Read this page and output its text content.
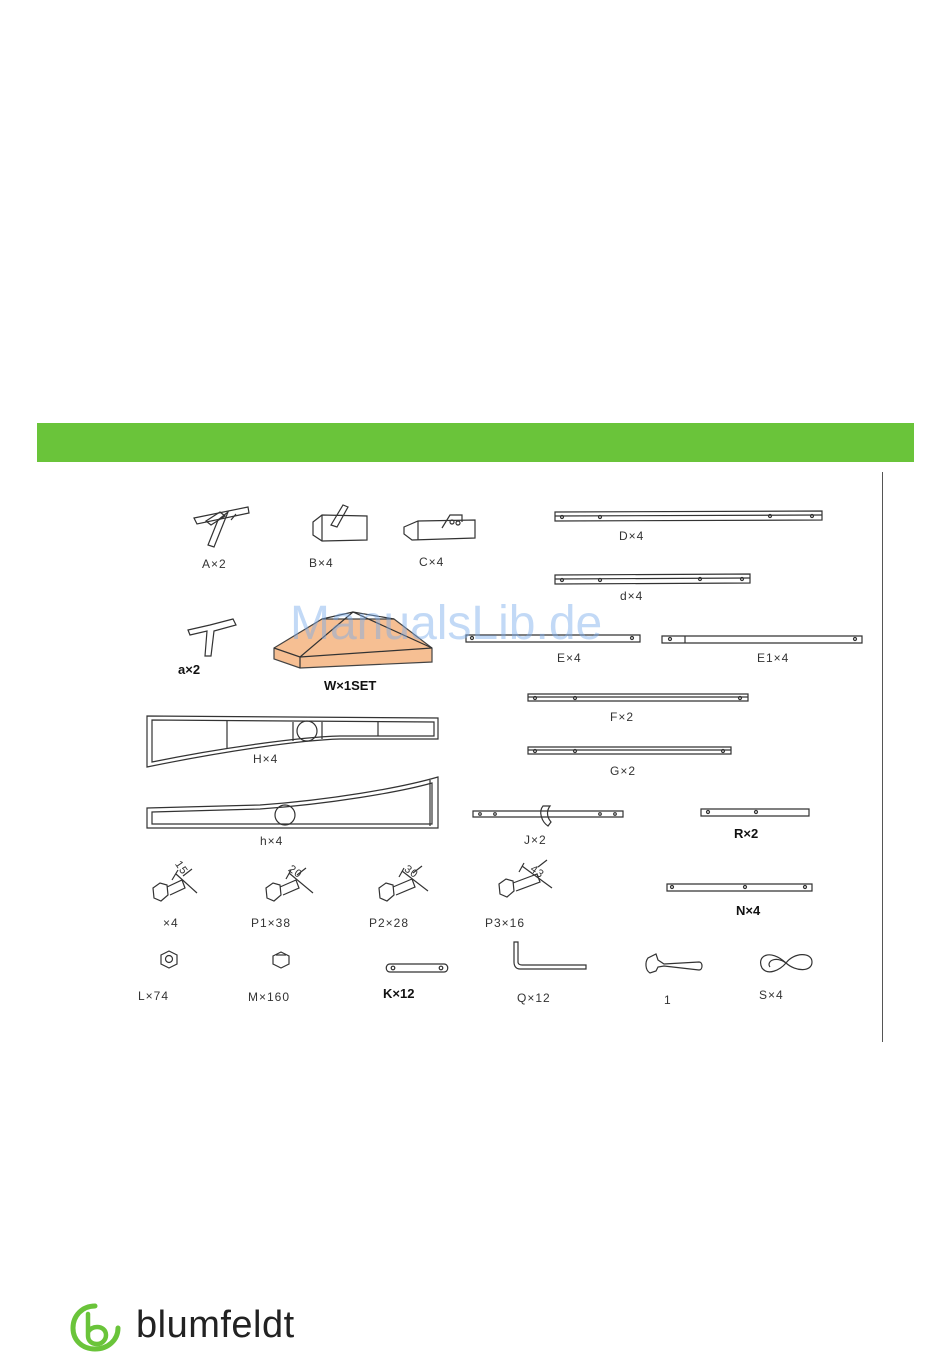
A×2	B×4	C×4
D×4
d×4
a×2
W×1SET
E×4	E1×4
F×2
G×2
H×4
h×4	J×2	R×2
N×4
×4	P1×38	P2×28	P3×16
15	20	30	43
L×74	M×160	K×12	Q×12	1	S×4
ManualsLib.de
blumfeldt
